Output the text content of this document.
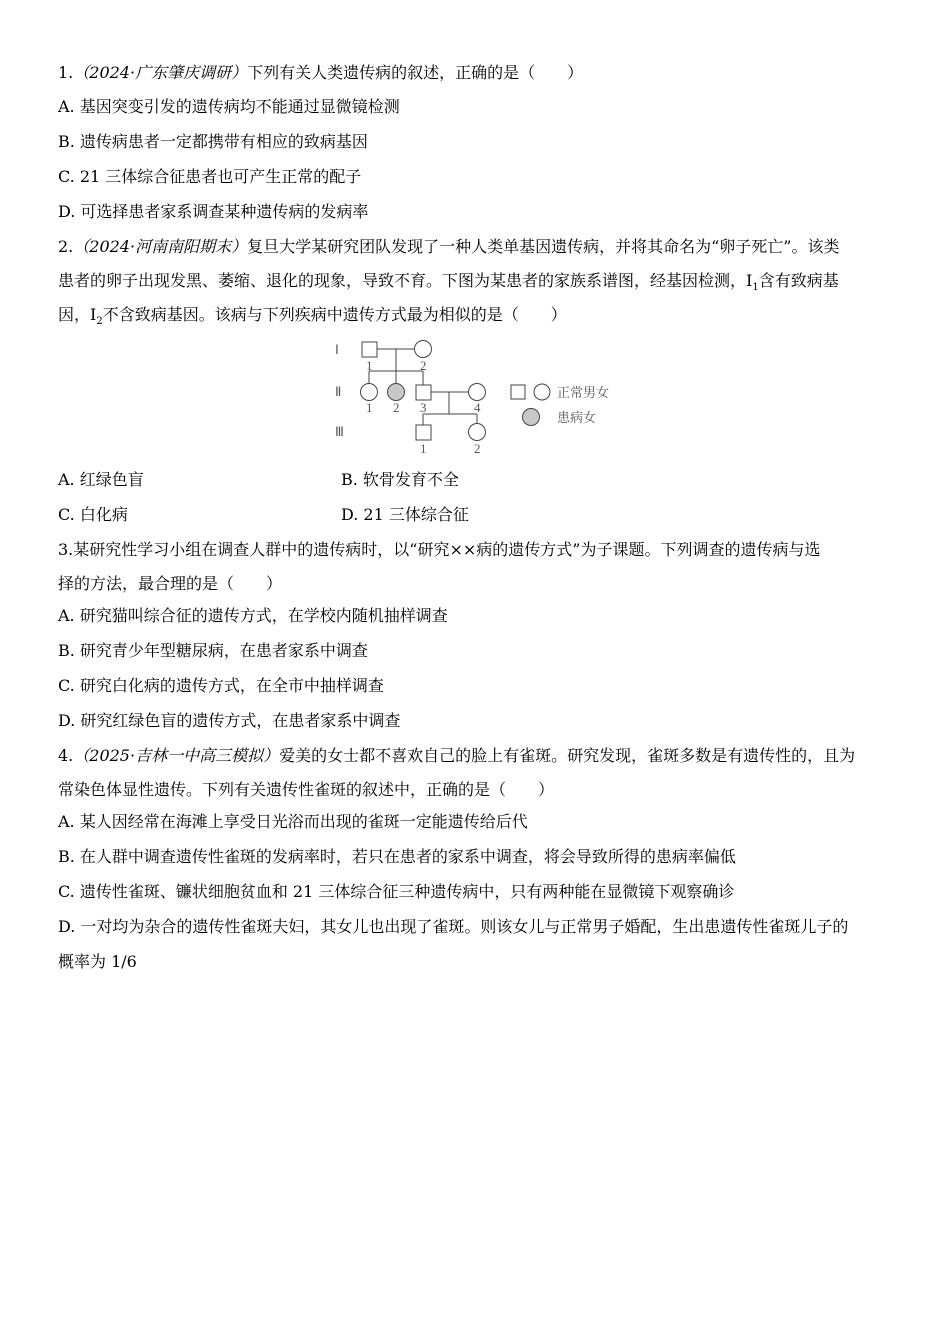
1.（2024·广东肇庆调研）下列有关人类遗传病的叙述，正确的是（　　）
A. 基因突变引发的遗传病均不能通过显微镜检测
B. 遗传病患者一定都携带有相应的致病基因
C. 21 三体综合征患者也可产生正常的配子
D. 可选择患者家系调查某种遗传病的发病率
2.（2024·河南南阳期末）复旦大学某研究团队发现了一种人类单基因遗传病，并将其命名为“卵子死亡”。该类
患者的卵子出现发黑、萎缩、退化的现象，导致不育。下图为某患者的家族系谱图，经基因检测，$Ⅰ_1$含有致病基
因，$Ⅰ_2$不含致病基因。该病与下列疾病中遗传方式最为相似的是（　　）
A. 红绿色盲	B. 软骨发育不全
C. 白化病	D. 21 三体综合征
3.某研究性学习小组在调查人群中的遗传病时，以“研究××病的遗传方式”为子课题。下列调查的遗传病与选
择的方法，最合理的是（　　）
A. 研究猫叫综合征的遗传方式，在学校内随机抽样调查
B. 研究青少年型糖尿病，在患者家系中调查
C. 研究白化病的遗传方式，在全市中抽样调查
D. 研究红绿色盲的遗传方式，在患者家系中调查
4.（2025·吉林一中高三模拟）爱美的女士都不喜欢自己的脸上有雀斑。研究发现，雀斑多数是有遗传性的，且为
常染色体显性遗传。下列有关遗传性雀斑的叙述中，正确的是（　　）
A. 某人因经常在海滩上享受日光浴而出现的雀斑一定能遗传给后代
B. 在人群中调查遗传性雀斑的发病率时，若只在患者的家系中调查，将会导致所得的患病率偏低
C. 遗传性雀斑、镰状细胞贫血和 21 三体综合征三种遗传病中，只有两种能在显微镜下观察确诊
D. 一对均为杂合的遗传性雀斑夫妇，其女儿也出现了雀斑。则该女儿与正常男子婚配，生出患遗传性雀斑儿子的
概率为 1/6
Ⅰ
Ⅱ
Ⅲ
1	2
1 2 3	4
1	2
正常男女
患病女
